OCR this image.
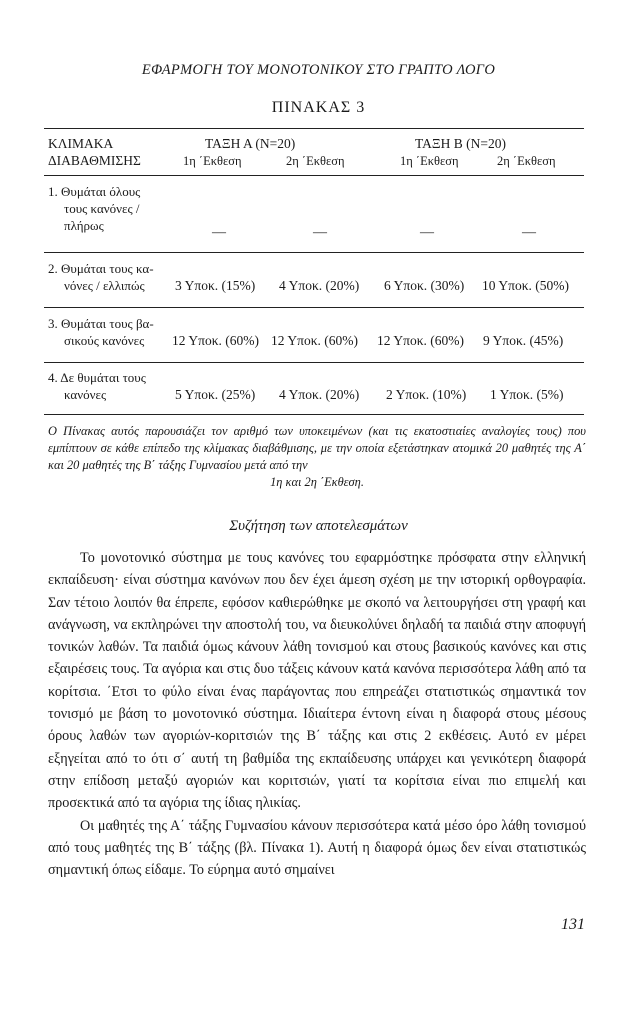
ΕΦΑΡΜΟΓΗ ΤΟΥ ΜΟΝΟΤΟΝΙΚΟΥ ΣΤΟ ΓΡΑΠΤΟ ΛΟΓΟ
ΠΙΝΑΚΑΣ 3
ΚΛΙΜΑΚΑ
ΔΙΑΒΑΘΜΙΣΗΣ
ΤΑΞΗ Α (N=20)	ΤΑΞΗ Β (N=20)
1η ΄Εκθεση	2η ΄Εκθεση	1η ΄Εκθεση	2η ΄Εκθεση
1. Θυμάται όλους
τους κανόνες /
πλήρως	—	—	—	—
2. Θυμάται τους κα-
νόνες / ελλιπώς	3 Υποκ. (15%) 4 Υποκ. (20%) 6 Υποκ. (30%) 10 Υποκ. (50%)
3. Θυμάται τους βα-
σικούς κανόνες	12 Υποκ. (60%) 12 Υποκ. (60%) 12 Υποκ. (60%) 9 Υποκ. (45%)
4. Δε θυμάται τους
κανόνες	5 Υποκ. (25%) 4 Υποκ. (20%) 2 Υποκ. (10%) 1 Υποκ. (5%)
Ο Πίνακας αυτός παρουσιάζει τον αριθμό των υποκειμένων (και τις εκατοστιαίες αναλογίες τους) που εμπίπτουν σε κάθε επίπεδο της κλίμακας διαβάθμισης, με την οποία εξετάστηκαν ατομικά 20 μαθητές της Α΄ και 20 μαθητές της Β΄ τάξης Γυμνασίου μετά από την
1η και 2η ΄Εκθεση.
Συζήτηση των αποτελεσμάτων

Το μονοτονικό σύστημα με τους κανόνες του εφαρμόστηκε πρόσφατα στην ελληνική εκπαίδευση· είναι σύστημα κανόνων που δεν έχει άμεση σχέση με την ιστορική ορθογραφία. Σαν τέτοιο λοιπόν θα έπρεπε, εφόσον καθιερώθηκε με σκοπό να λειτουργήσει στη γραφή και ανάγνωση, να εκπληρώνει την αποστολή του, να διευκολύνει δηλαδή τα παιδιά στην αποφυγή τονικών λαθών. Τα παιδιά όμως κάνουν λάθη τονισμού και στους βασικούς κανόνες και στις εξαιρέσεις τους. Τα αγόρια και στις δυο τάξεις κάνουν κατά κανόνα περισσότερα λάθη από τα κορίτσια. ΄Ετσι το φύλο είναι ένας παράγοντας που επηρεάζει στατιστικώς σημαντικά τον τονισμό με βάση το μονοτονικό σύστημα. Ιδιαίτερα έντονη είναι η διαφορά στους μέσους όρους λαθών των αγοριών-κοριτσιών της Β΄ τάξης και στις 2 εκθέσεις. Αυτό εν μέρει εξηγείται από το ότι σ΄ αυτή τη βαθμίδα της εκπαίδευσης υπάρχει και γενικότερη διαφορά στην επίδοση μεταξύ αγοριών και κοριτσιών, γιατί τα κορίτσια είναι πιο επιμελή και προσεκτικά από τα αγόρια της ίδιας ηλικίας.

Οι μαθητές της Α΄ τάξης Γυμνασίου κάνουν περισσότερα κατά μέσο όρο λάθη τονισμού από τους μαθητές της Β΄ τάξης (βλ. Πίνακα 1). Αυτή η διαφορά όμως δεν είναι στατιστικώς σημαντική όπως είδαμε. Το εύρημα αυτό σημαίνει

131
